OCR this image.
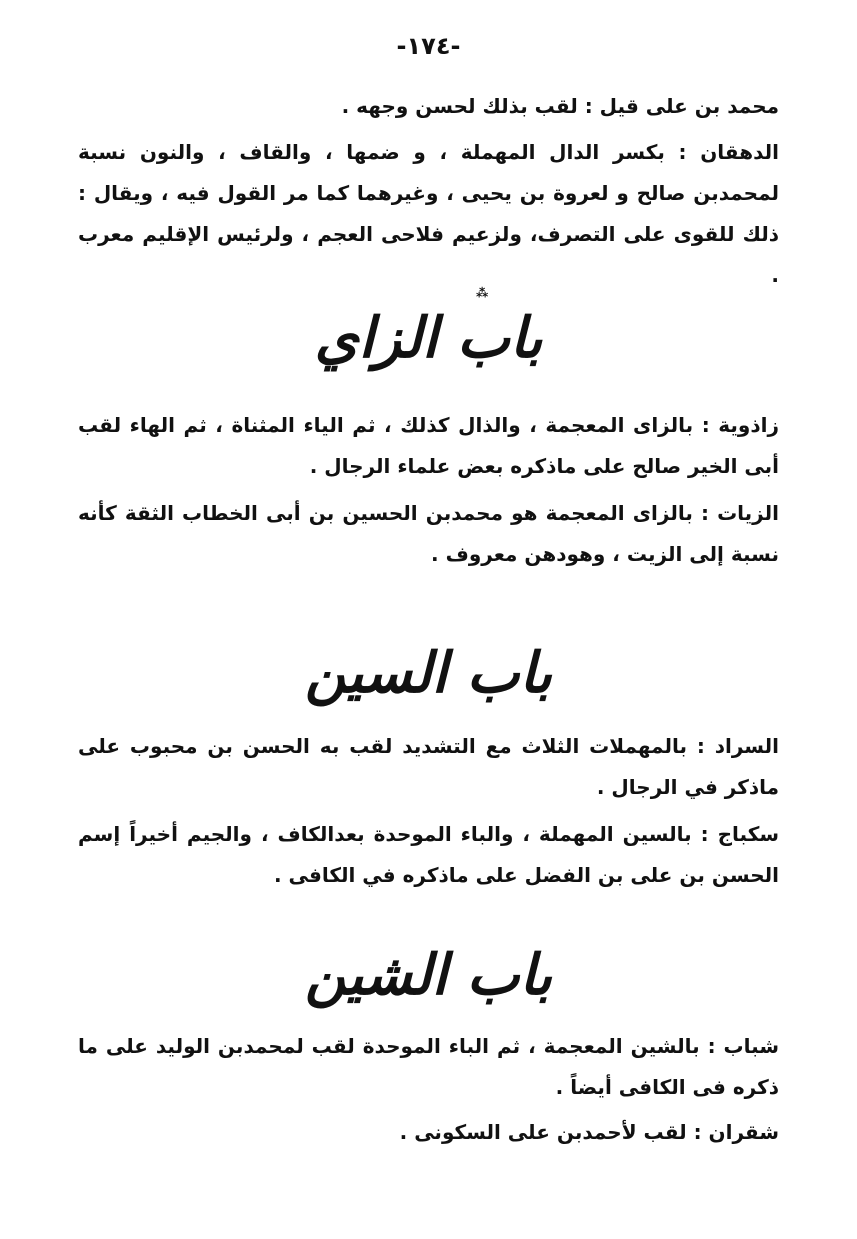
-١٧٤-

محمد بن على قيل : لقب بذلك لحسن وجهه .

الدهقان : بكسر الدال المهملة ، و ضمها ، والقاف ، والنون نسبة لمحمدبن صالح و لعروة بن يحيى ، وغيرهما كما مر القول فيه ، ويقال : ذلك للقوى على التصرف، ولزعيم فلاحى العجم ، ولرئيس الإقليم معرب .

⁂
باب الزاي

زاذوية : بالزاى المعجمة ، والذال كذلك ، ثم الياء المثناة ، ثم الهاء لقب أبى الخير صالح على ماذكره بعض علماء الرجال .

الزيات : بالزاى المعجمة هو محمدبن الحسين بن أبى الخطاب الثقة كأنه نسبة إلى الزيت ، وهودهن معروف .

باب السين

السراد : بالمهملات الثلاث مع التشديد لقب به الحسن بن محبوب على ماذكر في الرجال .

سكباج : بالسين المهملة ، والباء الموحدة بعدالكاف ، والجيم أخيراً إسم الحسن بن على بن الفضل على ماذكره في الكافى .

باب الشين

شباب : بالشين المعجمة ، ثم الباء الموحدة لقب لمحمدبن الوليد على ما ذكره فى الكافى أيضاً .

شقران : لقب لأحمدبن على السكونى .
